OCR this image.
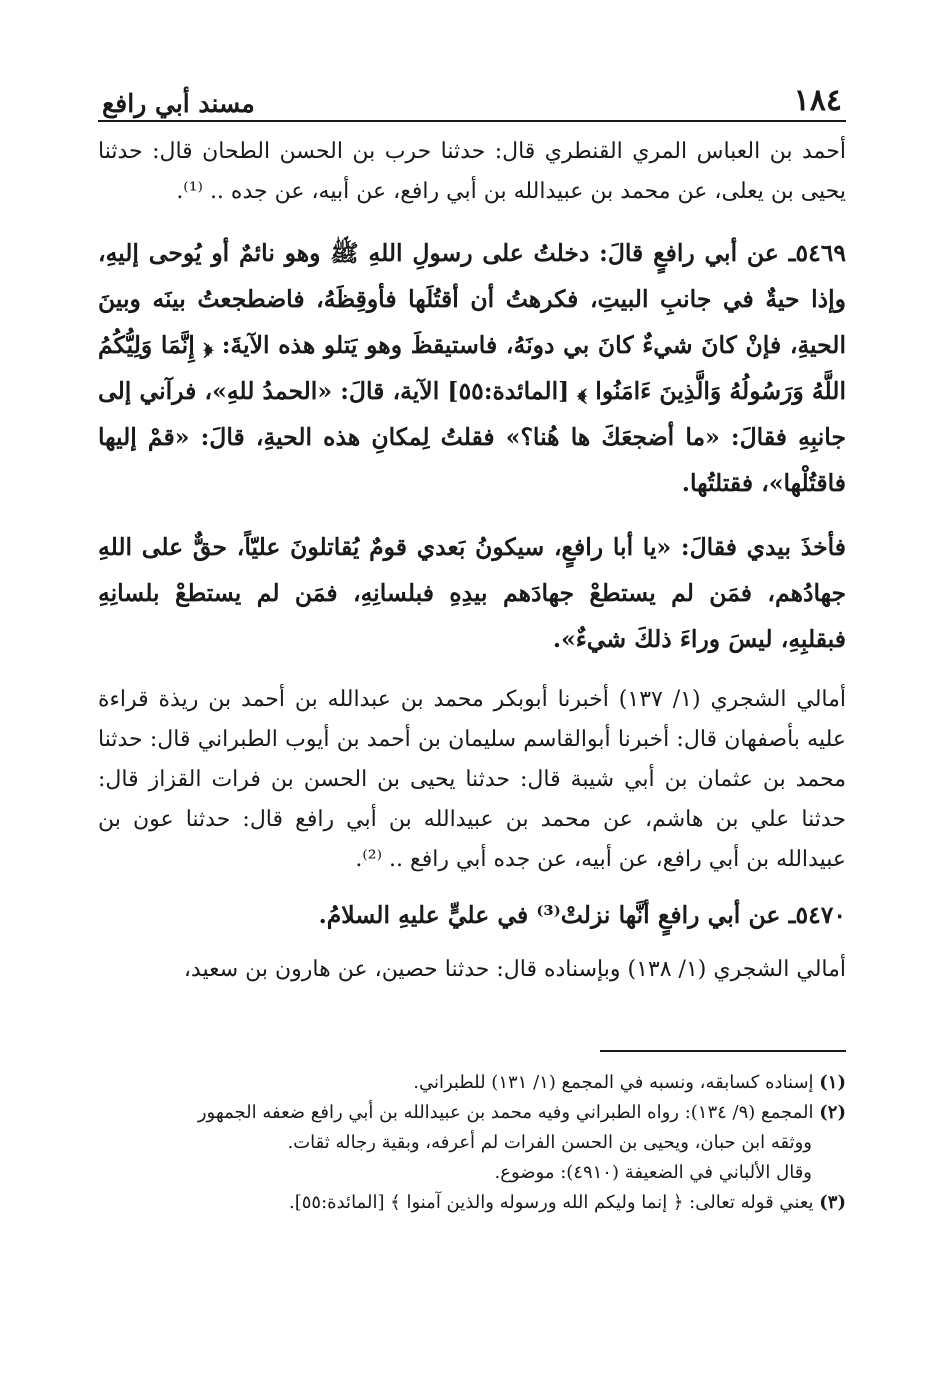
١٨٤
مسند أبي رافع

أحمد بن العباس المري القنطري قال: حدثنا حرب بن الحسن الطحان قال: حدثنا يحيى بن يعلى، عن محمد بن عبيدالله بن أبي رافع، عن أبيه، عن جده .. ⁽¹⁾.

٥٤٦٩ـ عن أبي رافعٍ قالَ: دخلتُ على رسولِ اللهِ ﷺ وهو نائمٌ أو يُوحى إليهِ، وإذا حيةٌ في جانبِ البيتِ، فكرهتُ أن أقتُلَها فأوقِظَهُ، فاضطجعتُ بينَه وبينَ الحيةِ، فإنْ كانَ شيءٌ كانَ بي دونَهُ، فاستيقظَ وهو يَتلو هذه الآيةَ: ﴿ إِنَّمَا وَلِيُّكُمُ اللَّهُ وَرَسُولُهُ وَالَّذِينَ ءَامَنُوا ﴾ [المائدة:٥٥] الآية، قالَ: «الحمدُ للهِ»، فرآني إلى جانبِهِ فقالَ: «ما أضجعَكَ ها هُنا؟» فقلتُ لِمكانِ هذه الحيةِ، قالَ: «قمْ إليها فاقتُلْها»، فقتلتُها.

فأخذَ بيدي فقالَ: «يا أبا رافعٍ، سيكونُ بَعدي قومٌ يُقاتلونَ عليّاً، حقٌّ على اللهِ جهادُهم، فمَن لم يستطعْ جهادَهم بيدِهِ فبلسانِهِ، فمَن لم يستطعْ بلسانِهِ فبقلبِهِ، ليسَ وراءَ ذلكَ شيءٌ».

أمالي الشجري (١/ ١٣٧) أخبرنا أبوبكر محمد بن عبدالله بن أحمد بن ريذة قراءة عليه بأصفهان قال: أخبرنا أبوالقاسم سليمان بن أحمد بن أيوب الطبراني قال: حدثنا محمد بن عثمان بن أبي شيبة قال: حدثنا يحيى بن الحسن بن فرات القزاز قال: حدثنا علي بن هاشم، عن محمد بن عبيدالله بن أبي رافع قال: حدثنا عون بن عبيدالله بن أبي رافع، عن أبيه، عن جده أبي رافع .. ⁽²⁾.

٥٤٧٠ـ عن أبي رافعٍ أنَّها نزلتْ⁽³⁾ في عليٍّ عليهِ السلامُ.

أمالي الشجري (١/ ١٣٨) وبإسناده قال: حدثنا حصين، عن هارون بن سعيد،

(١) إسناده كسابقه، ونسبه في المجمع (١/ ١٣١) للطبراني.

(٢) المجمع (٩/ ١٣٤): رواه الطبراني وفيه محمد بن عبيدالله بن أبي رافع ضعفه الجمهور

ووثقه ابن حبان، ويحيى بن الحسن الفرات لم أعرفه، وبقية رجاله ثقات.

وقال الألباني في الضعيفة (٤٩١٠): موضوع.

(٣) يعني قوله تعالى: ﴿ إنما وليكم الله ورسوله والذين آمنوا ﴾ [المائدة:٥٥].
